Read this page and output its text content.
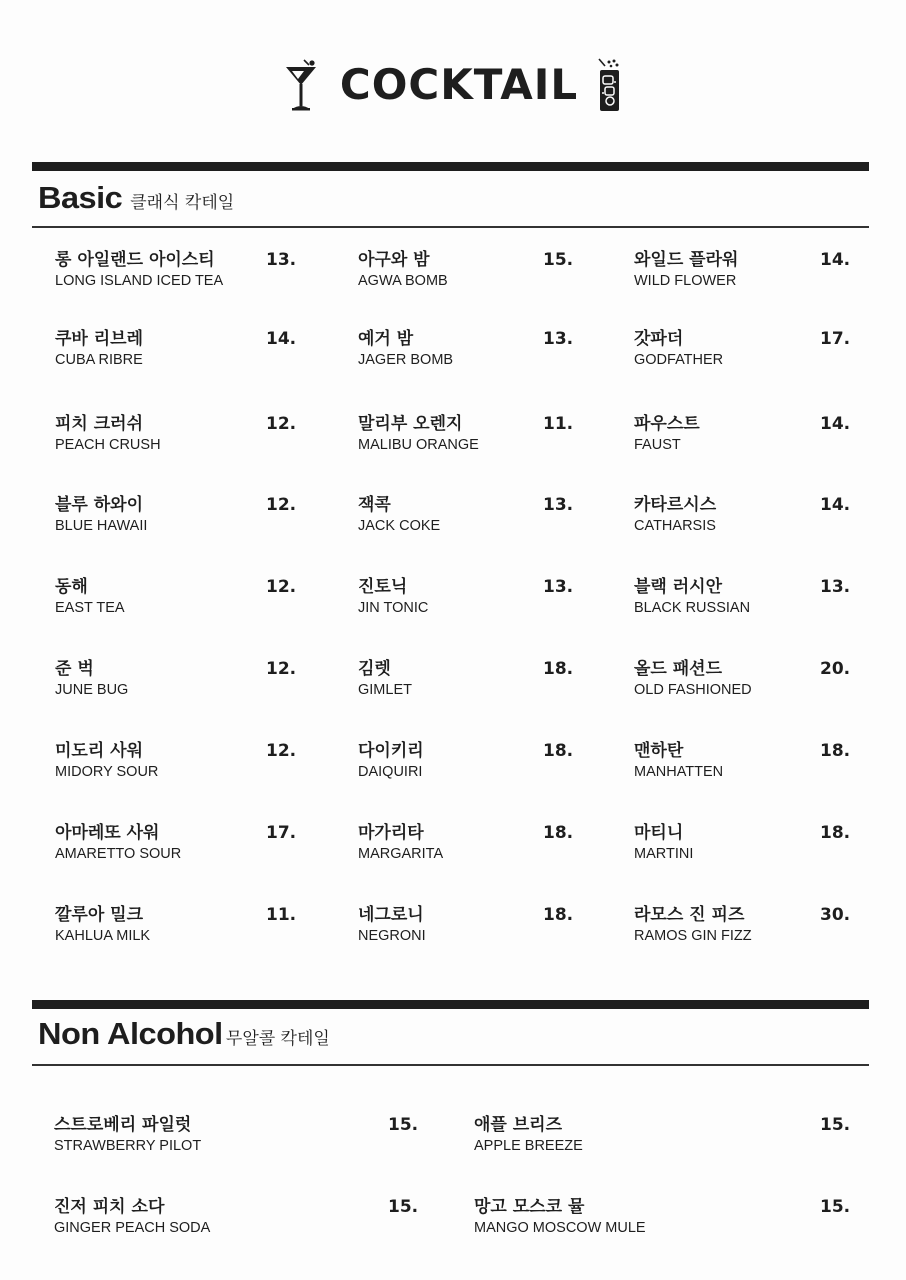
COCKTAIL
Basic 클래식 칵테일
롱 아일랜드 아이스티
LONG ISLAND ICED TEA
13.
쿠바 리브레
CUBA RIBRE
14.
피치 크러쉬
PEACH CRUSH
12.
블루 하와이
BLUE HAWAII
12.
동해
EAST TEA
12.
준 벅
JUNE BUG
12.
미도리 사워
MIDORY SOUR
12.
아마레또 사워
AMARETTO SOUR
17.
깔루아 밀크
KAHLUA MILK
11.
아구와 밤
AGWA BOMB
15.
예거 밤
JAGER BOMB
13.
말리부 오렌지
MALIBU ORANGE
11.
잭콕
JACK COKE
13.
진토닉
JIN TONIC
13.
김렛
GIMLET
18.
다이키리
DAIQUIRI
18.
마가리타
MARGARITA
18.
네그로니
NEGRONI
18.
와일드 플라워
WILD FLOWER
14.
갓파더
GODFATHER
17.
파우스트
FAUST
14.
카타르시스
CATHARSIS
14.
블랙 러시안
BLACK RUSSIAN
13.
올드 패션드
OLD FASHIONED
20.
맨하탄
MANHATTEN
18.
마티니
MARTINI
18.
라모스 진 피즈
RAMOS GIN FIZZ
30.
Non Alcohol 무알콜 칵테일
스트로베리 파일럿
STRAWBERRY PILOT
15.
진저 피치 소다
GINGER PEACH SODA
15.
애플 브리즈
APPLE BREEZE
15.
망고 모스코 뮬
MANGO MOSCOW MULE
15.
